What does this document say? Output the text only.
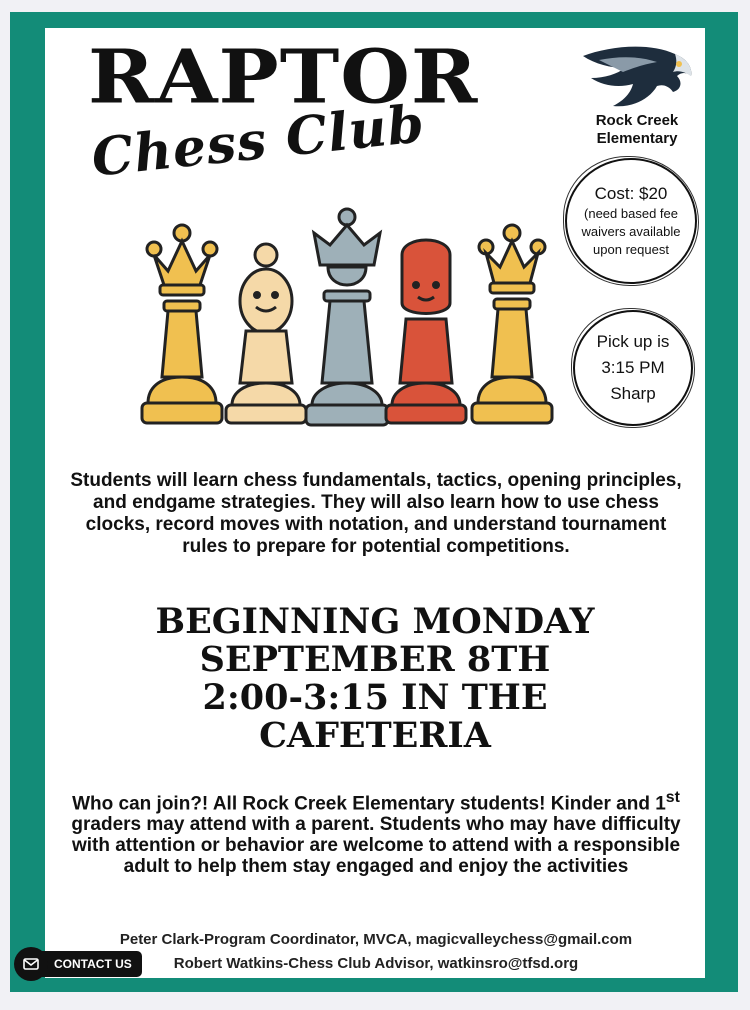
RAPTOR
Chess Club	Rock Creek Elementary
Cost: $20
(need based fee
waivers available
upon request
Pick up is
3:15 PM
Sharp

Students will learn chess fundamentals, tactics, opening principles, and endgame strategies. They will also learn how to use chess clocks, record moves with notation, and understand tournament rules to prepare for potential competitions.

BEGINNING MONDAY
SEPTEMBER 8TH
2:00-3:15 IN THE
CAFETERIA

Who can join?! All Rock Creek Elementary students! Kinder and 1st graders may attend with a parent. Students who may have difficulty with attention or behavior are welcome to attend with a responsible adult to help them stay engaged and enjoy the activities

Peter Clark-Program Coordinator, MVCA, magicvalleychess@gmail.com
Robert Watkins-Chess Club Advisor, watkinsro@tfsd.org
CONTACT US
